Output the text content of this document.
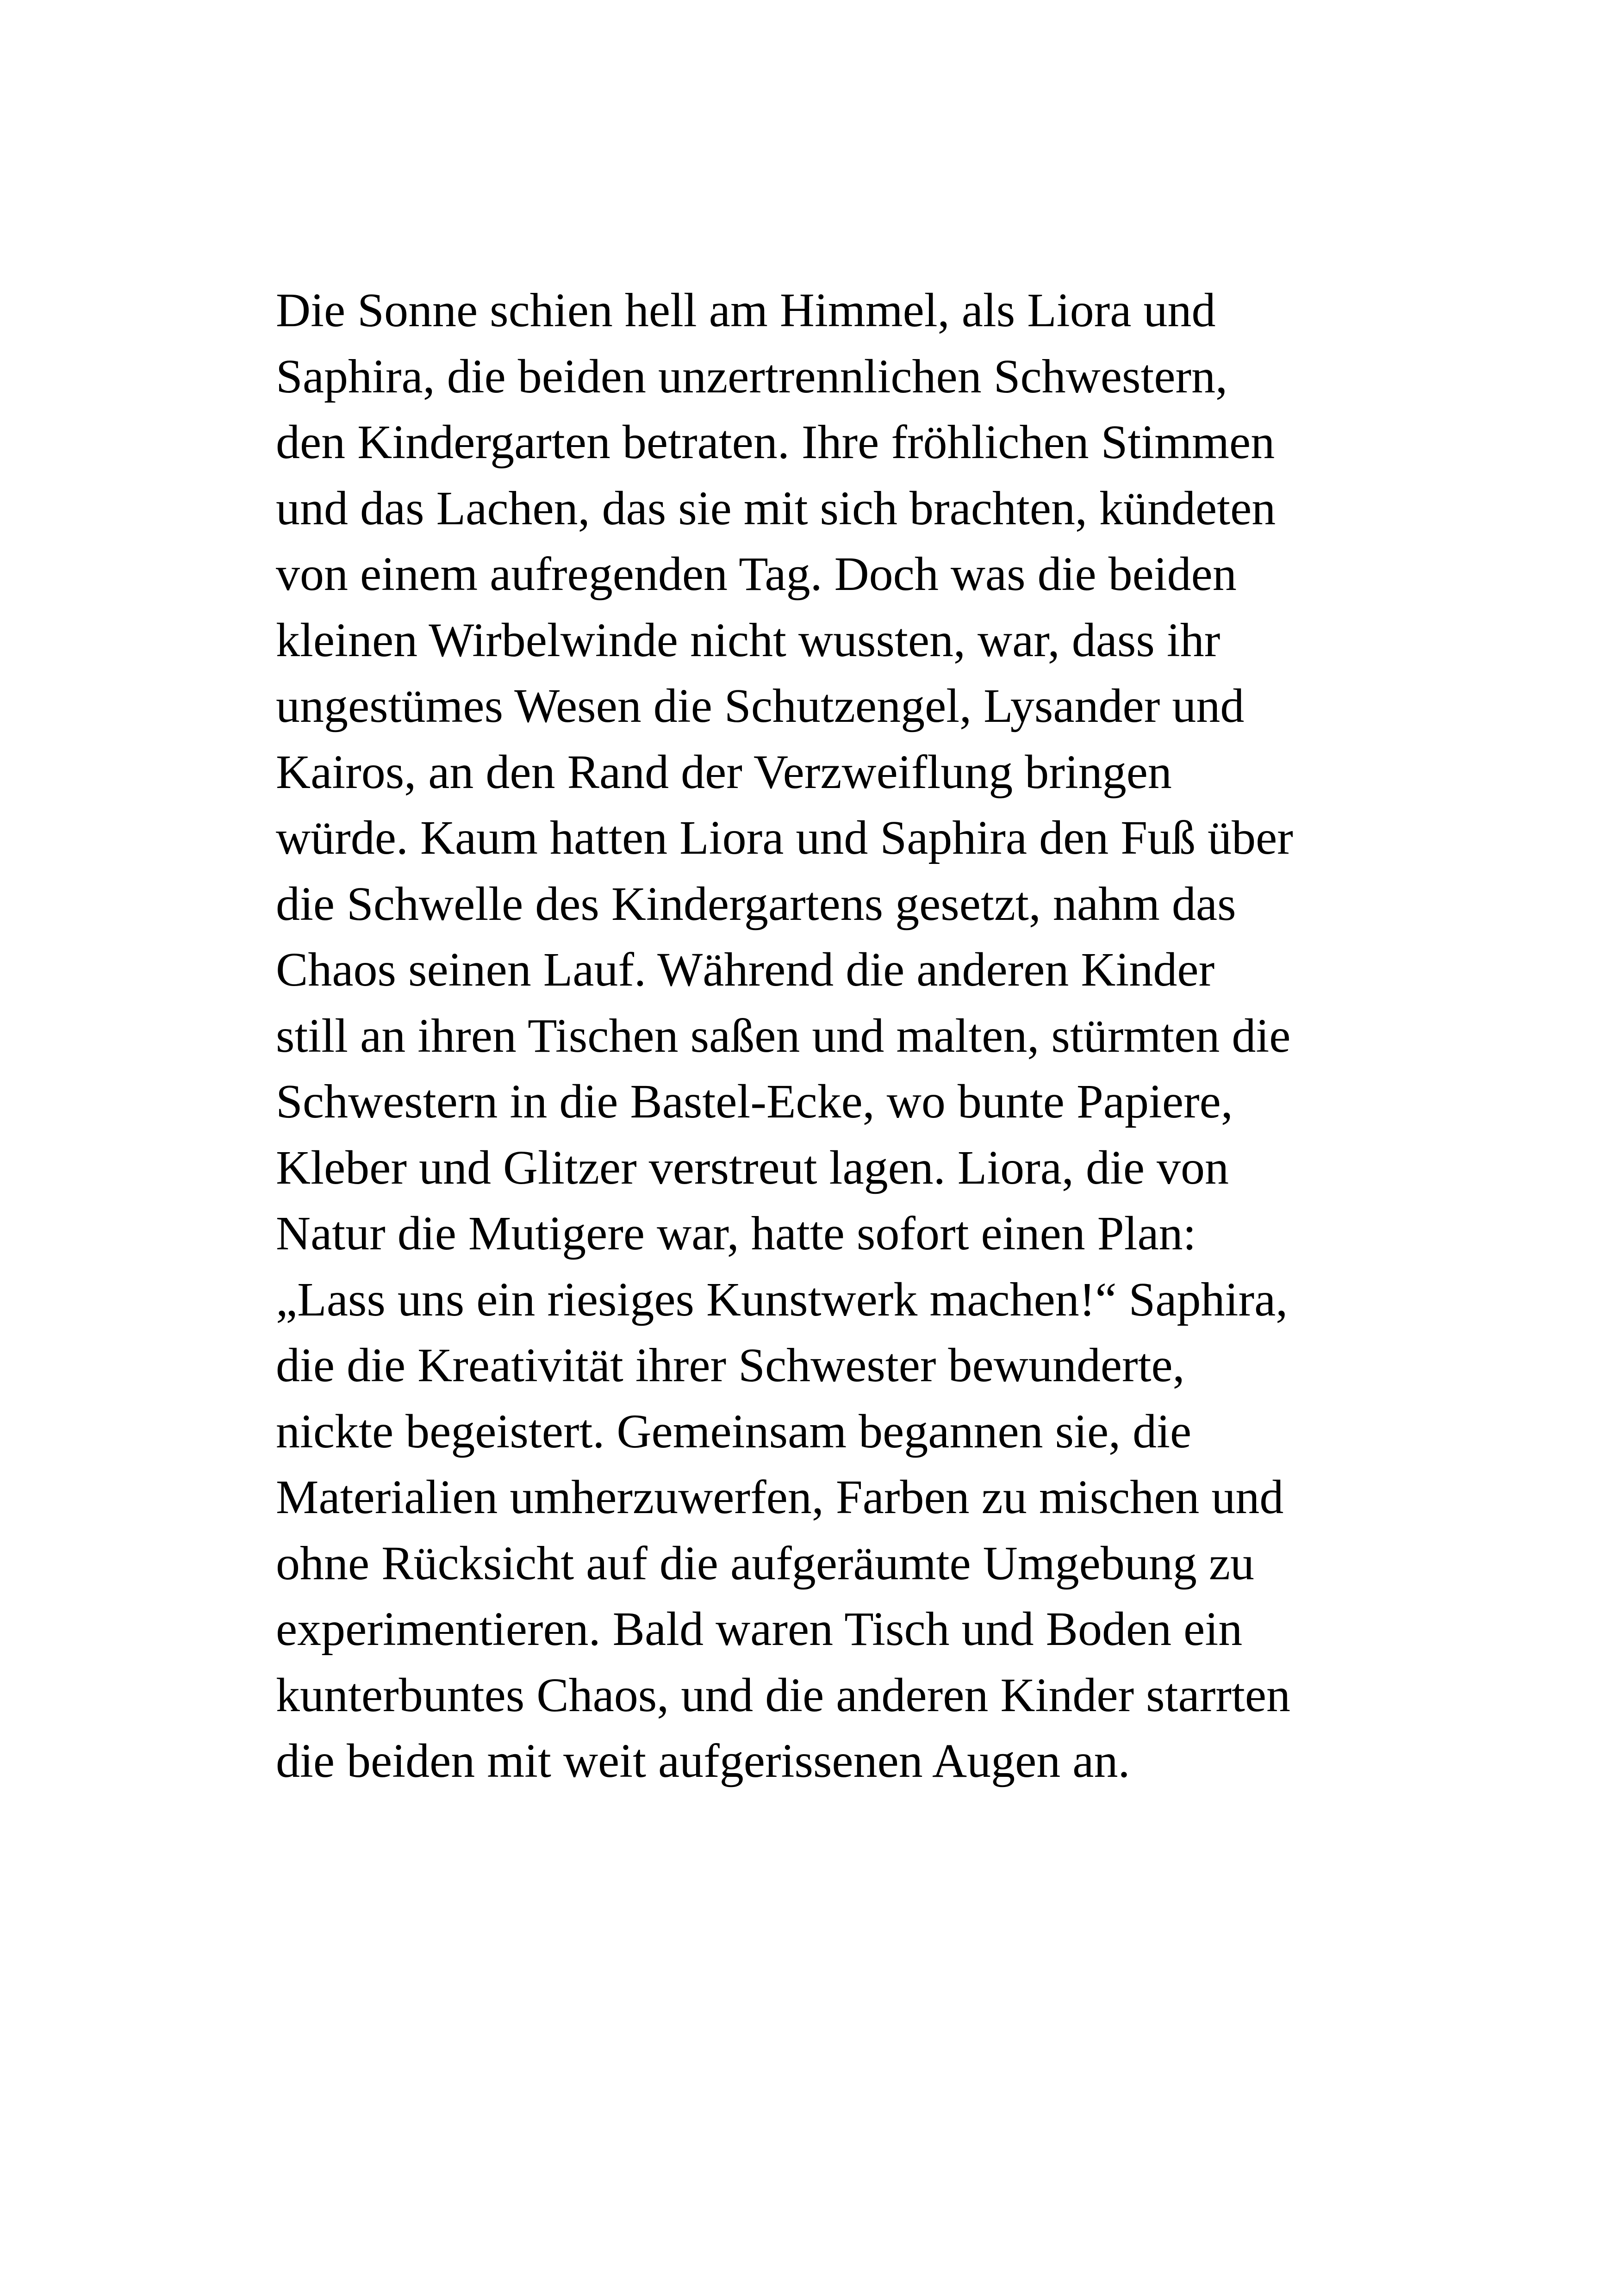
Die Sonne schien hell am Himmel, als Liora und
Saphira, die beiden unzertrennlichen Schwestern,
den Kindergarten betraten. Ihre fröhlichen Stimmen
und das Lachen, das sie mit sich brachten, kündeten
von einem aufregenden Tag. Doch was die beiden
kleinen Wirbelwinde nicht wussten, war, dass ihr
ungestümes Wesen die Schutzengel, Lysander und
Kairos, an den Rand der Verzweiflung bringen
würde. Kaum hatten Liora und Saphira den Fuß über
die Schwelle des Kindergartens gesetzt, nahm das
Chaos seinen Lauf. Während die anderen Kinder
still an ihren Tischen saßen und malten, stürmten die
Schwestern in die Bastel-Ecke, wo bunte Papiere,
Kleber und Glitzer verstreut lagen. Liora, die von
Natur die Mutigere war, hatte sofort einen Plan:
„Lass uns ein riesiges Kunstwerk machen!“ Saphira,
die die Kreativität ihrer Schwester bewunderte,
nickte begeistert. Gemeinsam begannen sie, die
Materialien umherzuwerfen, Farben zu mischen und
ohne Rücksicht auf die aufgeräumte Umgebung zu
experimentieren. Bald waren Tisch und Boden ein
kunterbuntes Chaos, und die anderen Kinder starrten
die beiden mit weit aufgerissenen Augen an.
